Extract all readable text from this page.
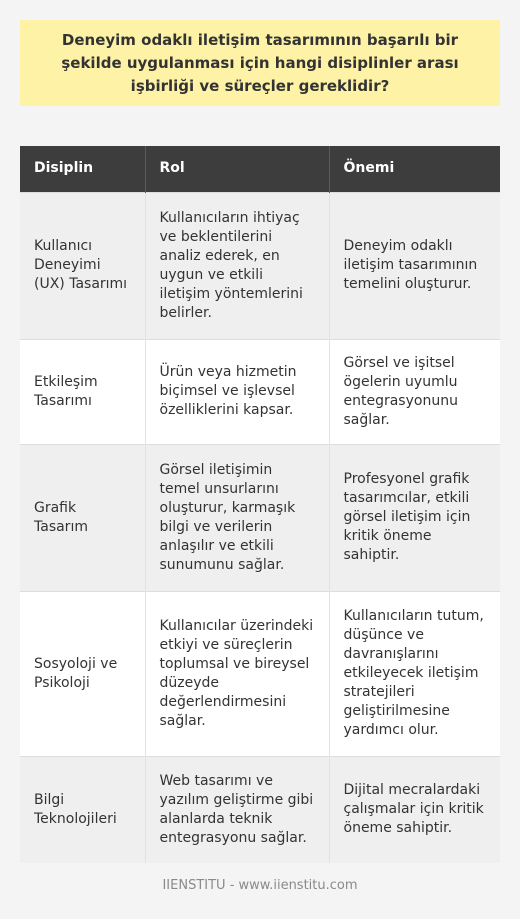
Deneyim odaklı iletişim tasarımının başarılı bir şekilde uygulanması için hangi disiplinler arası işbirliği ve süreçler gereklidir?
Disiplin	Rol	Önemi
Kullanıcı Deneyimi (UX) Tasarımı	Kullanıcıların ihtiyaç ve beklentilerini analiz ederek, en uygun ve etkili iletişim yöntemlerini belirler.	Deneyim odaklı iletişim tasarımının temelini oluşturur.
Etkileşim Tasarımı	Ürün veya hizmetin biçimsel ve işlevsel özelliklerini kapsar.	Görsel ve işitsel ögelerin uyumlu entegrasyonunu sağlar.
Grafik Tasarım	Görsel iletişimin temel unsurlarını oluşturur, karmaşık bilgi ve verilerin anlaşılır ve etkili sunumunu sağlar.	Profesyonel grafik tasarımcılar, etkili görsel iletişim için kritik öneme sahiptir.
Sosyoloji ve Psikoloji	Kullanıcılar üzerindeki etkiyi ve süreçlerin toplumsal ve bireysel düzeyde değerlendirmesini sağlar.	Kullanıcıların tutum, düşünce ve davranışlarını etkileyecek iletişim stratejileri geliştirilmesine yardımcı olur.
Bilgi Teknolojileri	Web tasarımı ve yazılım geliştirme gibi alanlarda teknik entegrasyonu sağlar.	Dijital mecralardaki çalışmalar için kritik öneme sahiptir.
IIENSTITU - www.iienstitu.com
